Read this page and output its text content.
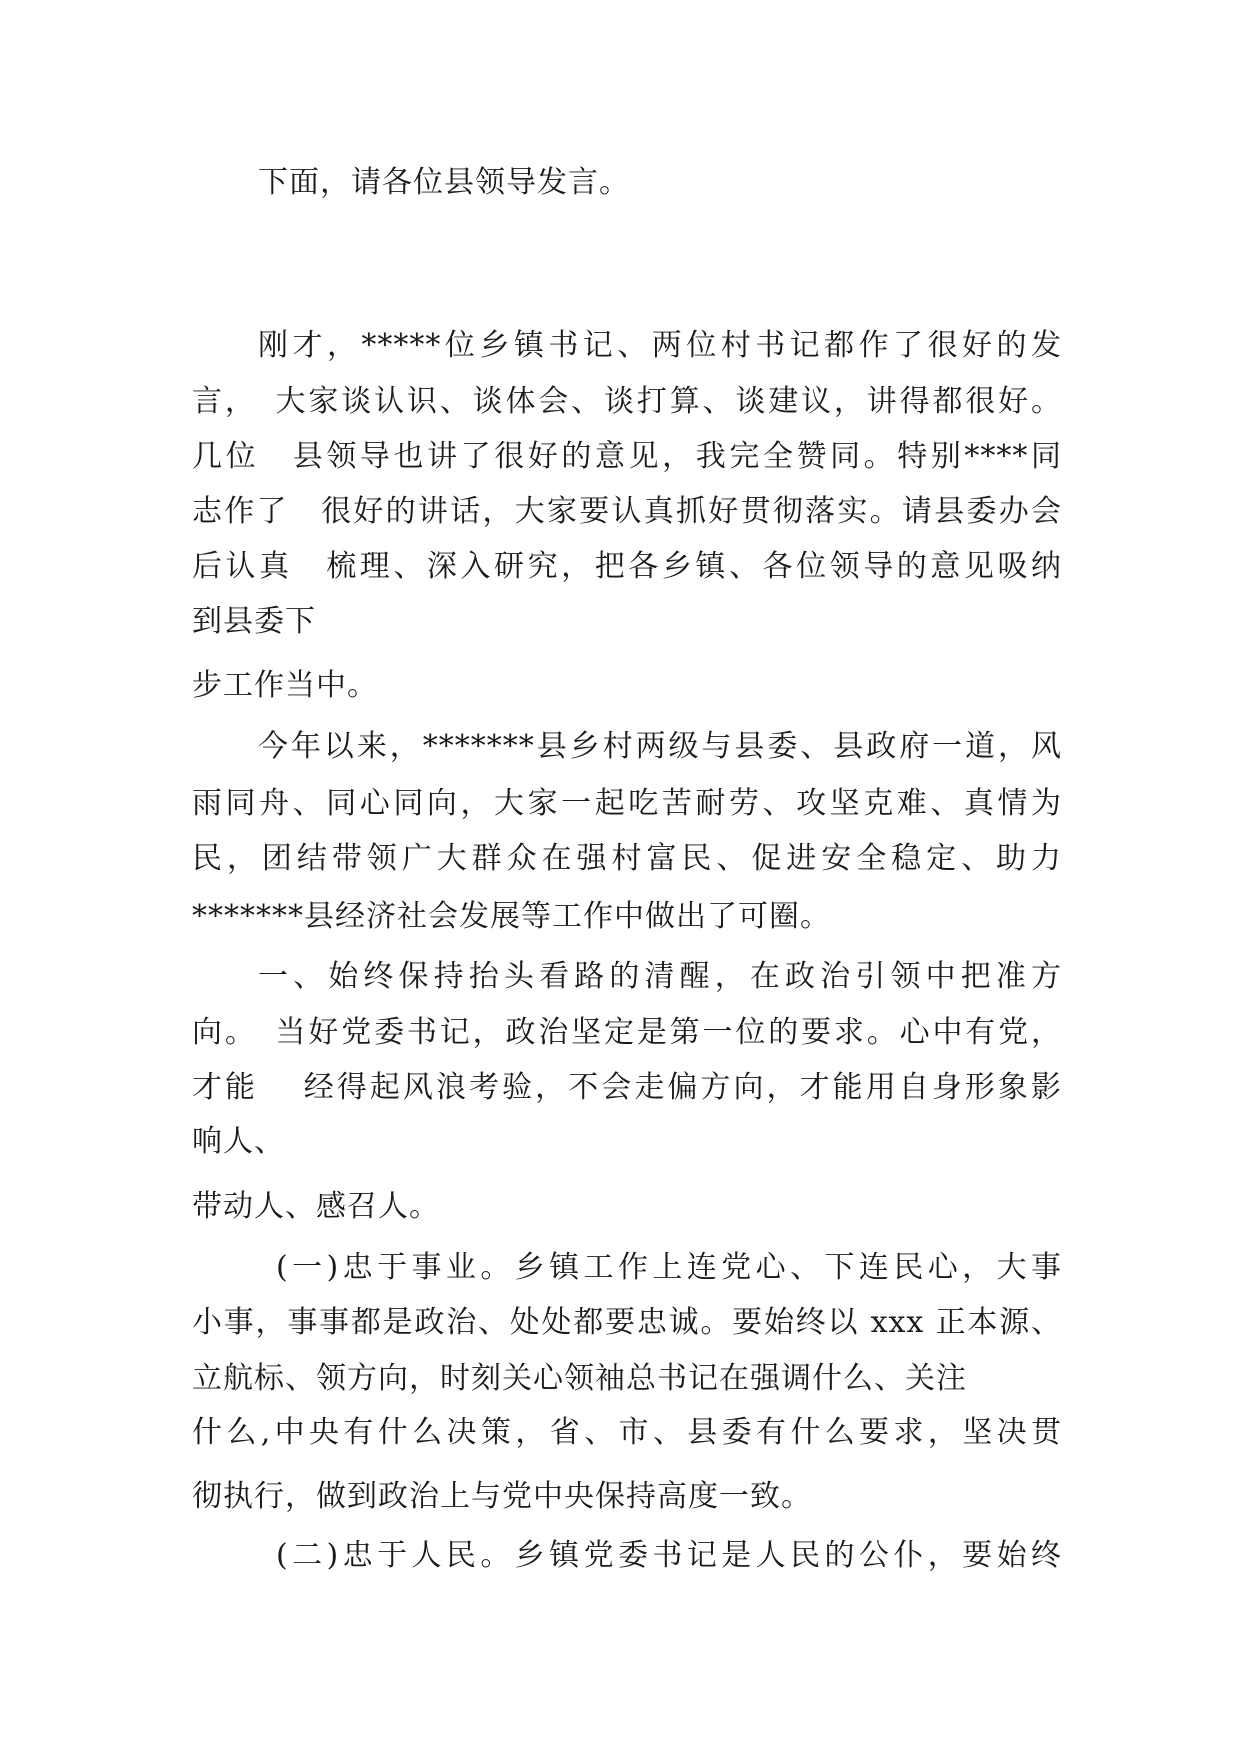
下面，请各位县领导发言。
刚才，*****位乡镇书记、两位村书记都作了很好的发
言，　大家谈认识、谈体会、谈打算、谈建议，讲得都很好。
几位　县领导也讲了很好的意见，我完全赞同。特别****同
志作了　很好的讲话，大家要认真抓好贯彻落实。请县委办会
后认真　梳理、深入研究，把各乡镇、各位领导的意见吸纳
到县委下
步工作当中。
今年以来，*******县乡村两级与县委、县政府一道，风
雨同舟、同心同向，大家一起吃苦耐劳、攻坚克难、真情为
民，团结带领广大群众在强村富民、促进安全稳定、助力
*******县经济社会发展等工作中做出了可圈。
一、始终保持抬头看路的清醒，在政治引领中把准方
向。　当好党委书记，政治坚定是第一位的要求。心中有党，
才能　 经得起风浪考验，不会走偏方向，才能用自身形象影
响人、
带动人、感召人。
(一)忠于事业。乡镇工作上连党心、下连民心，大事
小事，事事都是政治、处处都要忠诚。要始终以 xxx 正本源、
立航标、领方向，时刻关心领袖总书记在强调什么、关注
什么,中央有什么决策，省、市、县委有什么要求，坚决贯
彻执行，做到政治上与党中央保持高度一致。
(二)忠于人民。乡镇党委书记是人民的公仆，要始终
